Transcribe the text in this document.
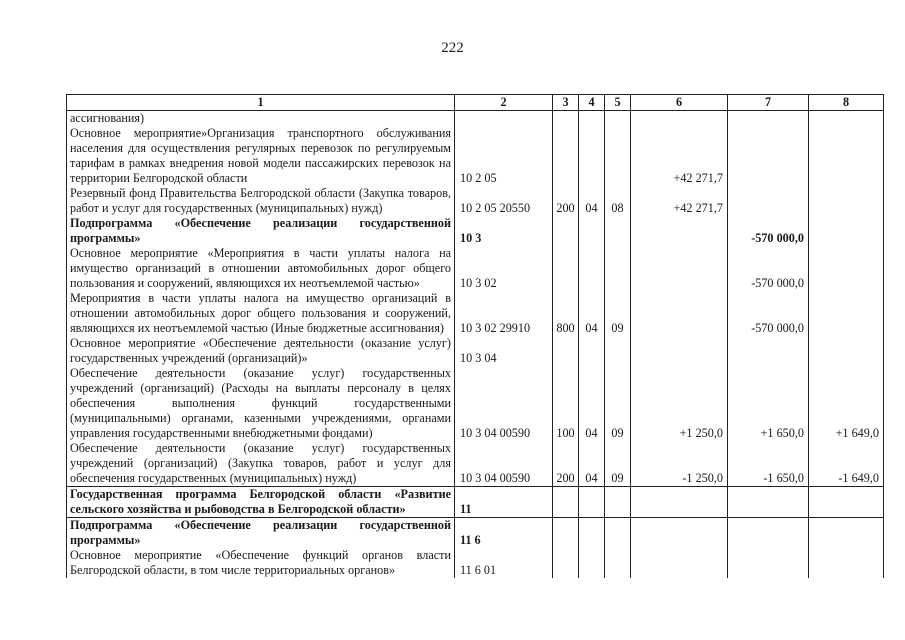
222
1	2	3	4	5	6	7	8
ассигнования)							
Основное мероприятие»Организация транспортного обслуживания населения для осуществления регулярных перевозок по регулируемым тарифам в рамках внедрения новой модели пассажирских перевозок на территории Белгородской области	10 2 05				+42 271,7		
Резервный фонд Правительства Белгородской области (Закупка товаров, работ и услуг для государственных (муниципальных) нужд)	10 2 05 20550	200	04	08	+42 271,7		
Подпрограмма «Обеспечение реализации государственной программы»	10 3					-570 000,0	
Основное мероприятие «Мероприятия в части уплаты налога на имущество организаций в отношении автомобильных дорог общего пользования и сооружений, являющихся их неотъемлемой частью»	10 3 02					-570 000,0	
Мероприятия в части уплаты налога на имущество организаций в отношении автомобильных дорог общего пользования и сооружений, являющихся их неотъемлемой частью (Иные бюджетные ассигнования)	10 3 02 29910	800	04	09		-570 000,0	
Основное мероприятие «Обеспечение деятельности (оказание услуг) государственных учреждений (организаций)»	10 3 04						
Обеспечение деятельности (оказание услуг) государственных учреждений (организаций) (Расходы на выплаты персоналу в целях обеспечения выполнения функций государственными (муниципальными) органами, казенными учреждениями, органами управления государственными внебюджетными фондами)	10 3 04 00590	100	04	09	+1 250,0	+1 650,0	+1 649,0
Обеспечение деятельности (оказание услуг) государственных учреждений (организаций) (Закупка товаров, работ и услуг для обеспечения государственных (муниципальных) нужд)	10 3 04 00590	200	04	09	-1 250,0	-1 650,0	-1 649,0
Государственная программа Белгородской области «Развитие сельского хозяйства и рыбоводства в Белгородской области»	11						
Подпрограмма «Обеспечение реализации государственной программы»	11 6						
Основное мероприятие «Обеспечение функций органов власти Белгородской области, в том числе территориальных органов»	11 6 01						
